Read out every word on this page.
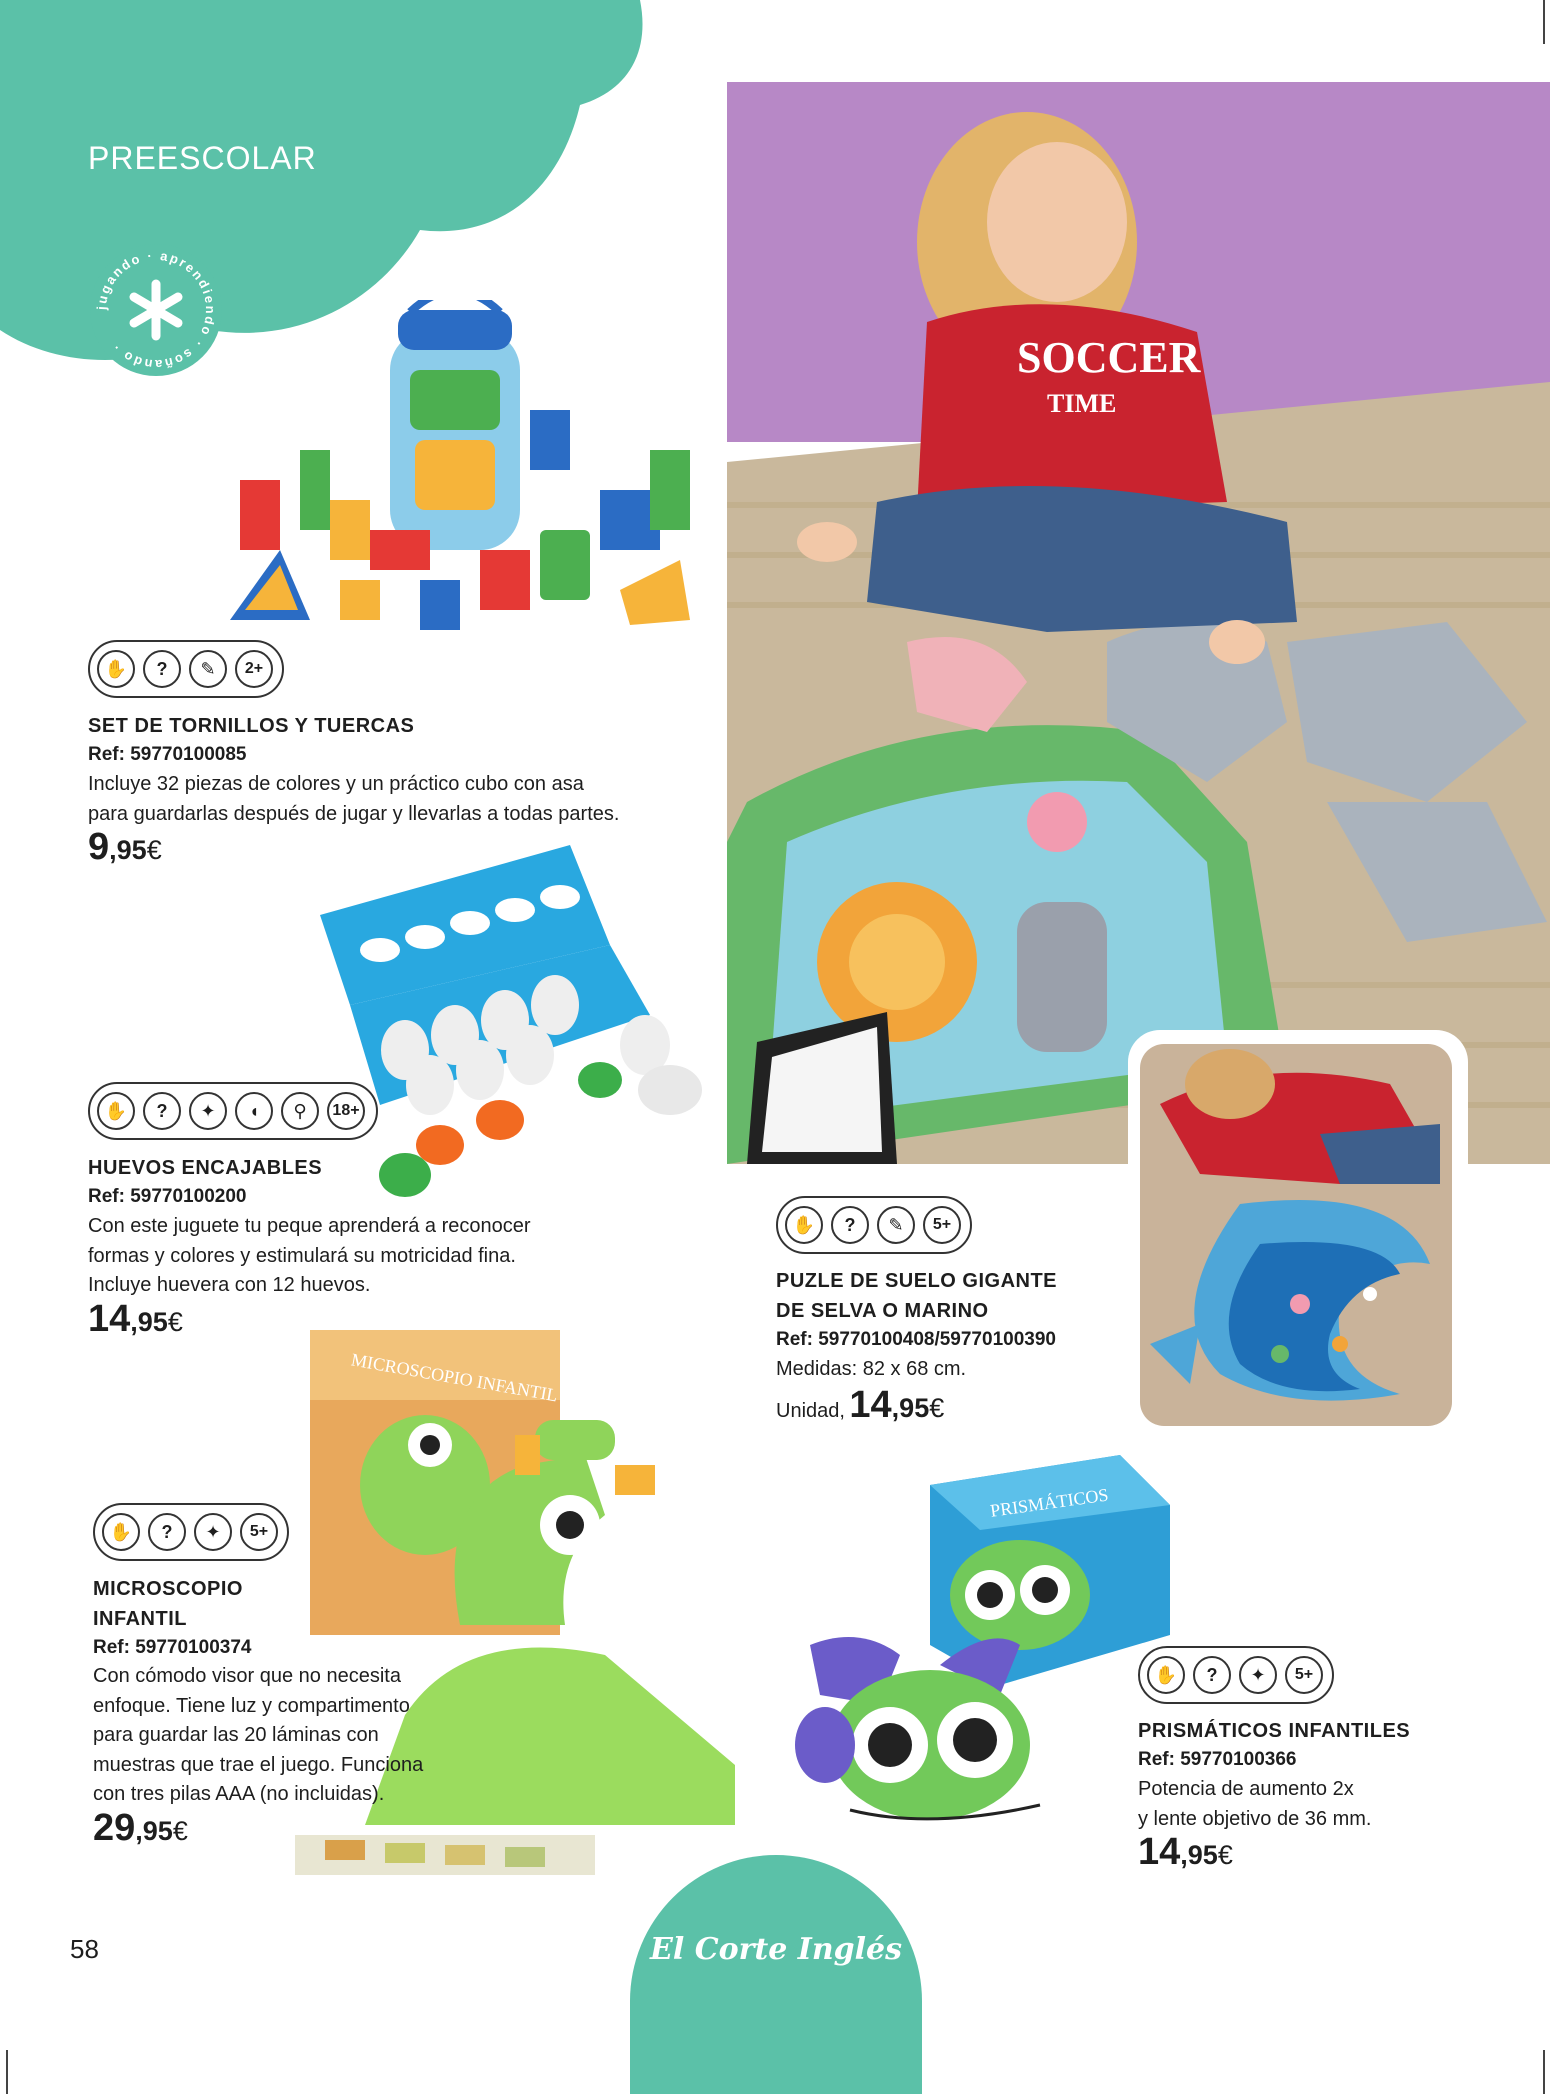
PREESCOLAR
jugando · aprendiendo · soñando ·	SOCCER
TIME
✋	?	✎	2+
SET DE TORNILLOS Y TUERCAS
Ref: 59770100085
Incluye 32 piezas de colores y un práctico cubo con asa
para guardarlas después de jugar y llevarlas a todas partes.
9,95€
✋	?	✦	◖	⚲	18+
HUEVOS ENCAJABLES
Ref: 59770100200
Con este juguete tu peque aprenderá a reconocer
formas y colores y estimulará su motricidad fina.
Incluye huevera con 12 huevos.
14,95€
MICROSCOPIO INFANTIL
✋	?	✦	5+
MICROSCOPIO
INFANTIL
Ref: 59770100374
Con cómodo visor que no necesita
enfoque. Tiene luz y compartimento
para guardar las 20 láminas con
muestras que trae el juego. Funciona
con tres pilas AAA (no incluidas).
29,95€
✋	?	✎	5+
PUZLE DE SUELO GIGANTE
DE SELVA O MARINO
Ref: 59770100408/59770100390
Medidas: 82 x 68 cm.
Unidad, 14,95€
PRISMÁTICOS
✋	?	✦	5+
PRISMÁTICOS INFANTILES
Ref: 59770100366
Potencia de aumento 2x
y lente objetivo de 36 mm.
14,95€
58	El Corte Inglés
